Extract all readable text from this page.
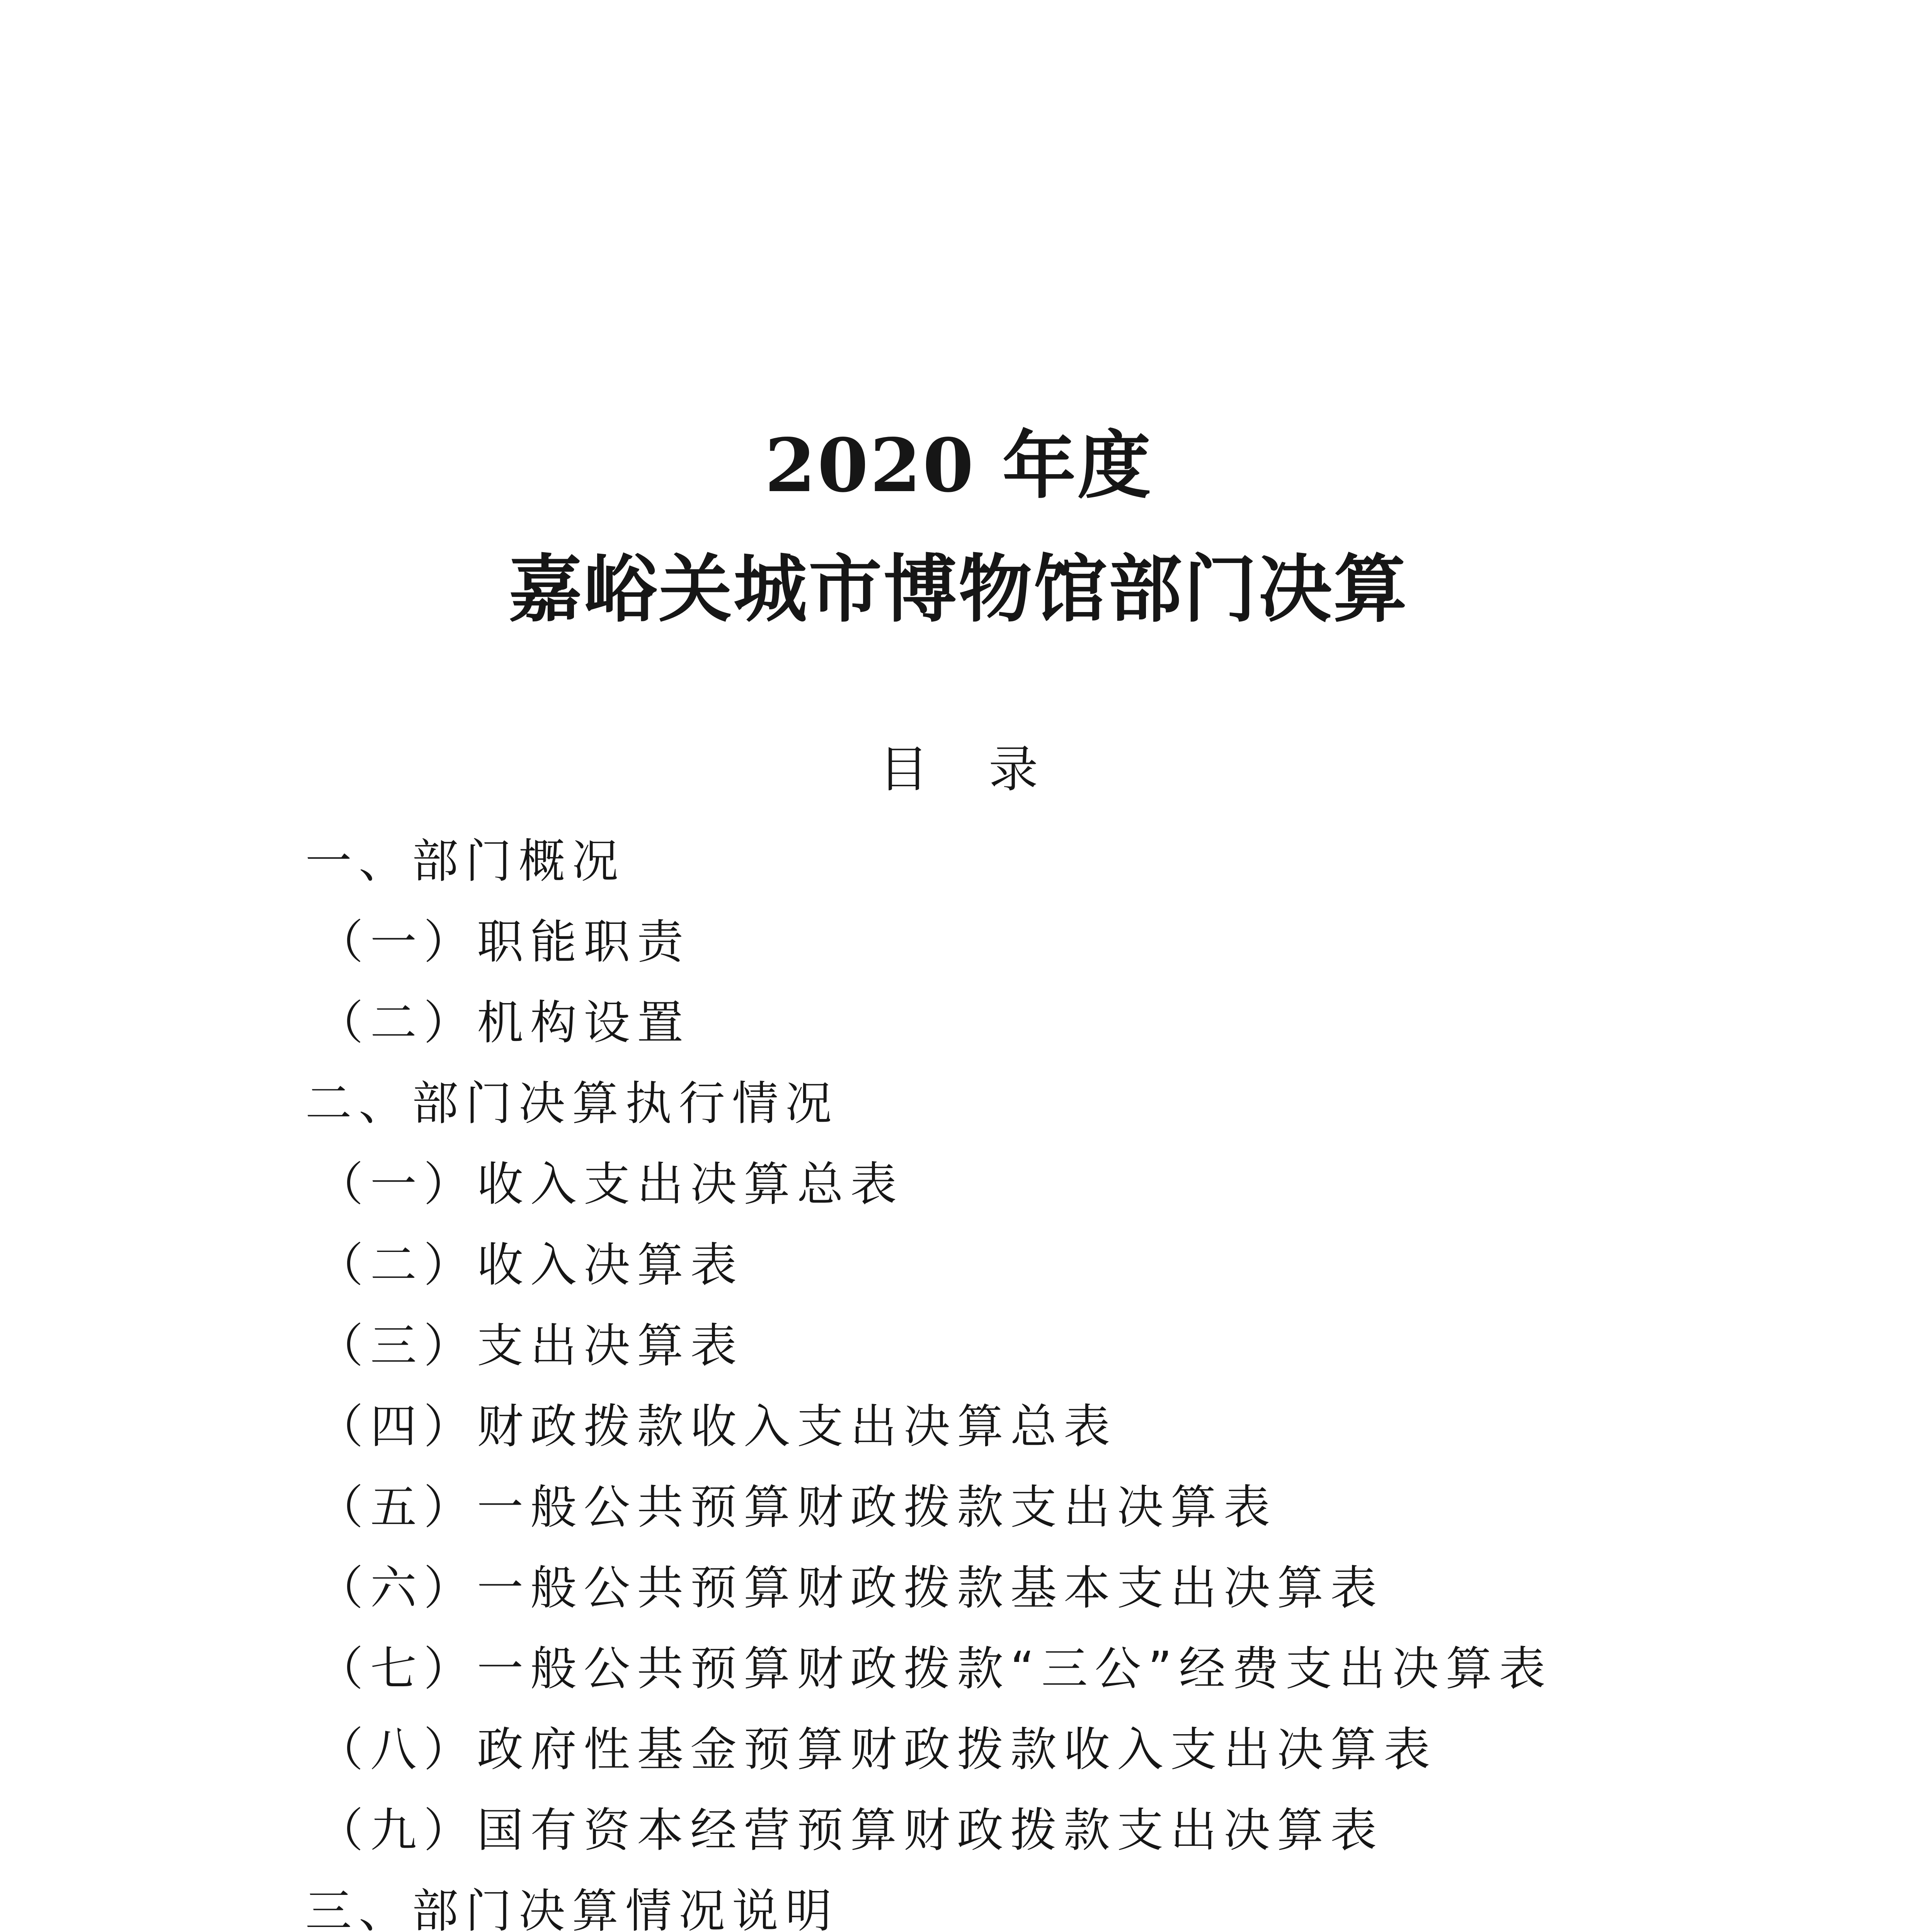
2020 年度
嘉峪关城市博物馆部门决算
目 录
一、部门概况
（一）职能职责
（二）机构设置
二、部门决算执行情况
（一）收入支出决算总表
（二）收入决算表
（三）支出决算表
（四）财政拨款收入支出决算总表
（五）一般公共预算财政拨款支出决算表
（六）一般公共预算财政拨款基本支出决算表
（七）一般公共预算财政拨款“三公”经费支出决算表
（八）政府性基金预算财政拨款收入支出决算表
（九）国有资本经营预算财政拨款支出决算表
三、部门决算情况说明
